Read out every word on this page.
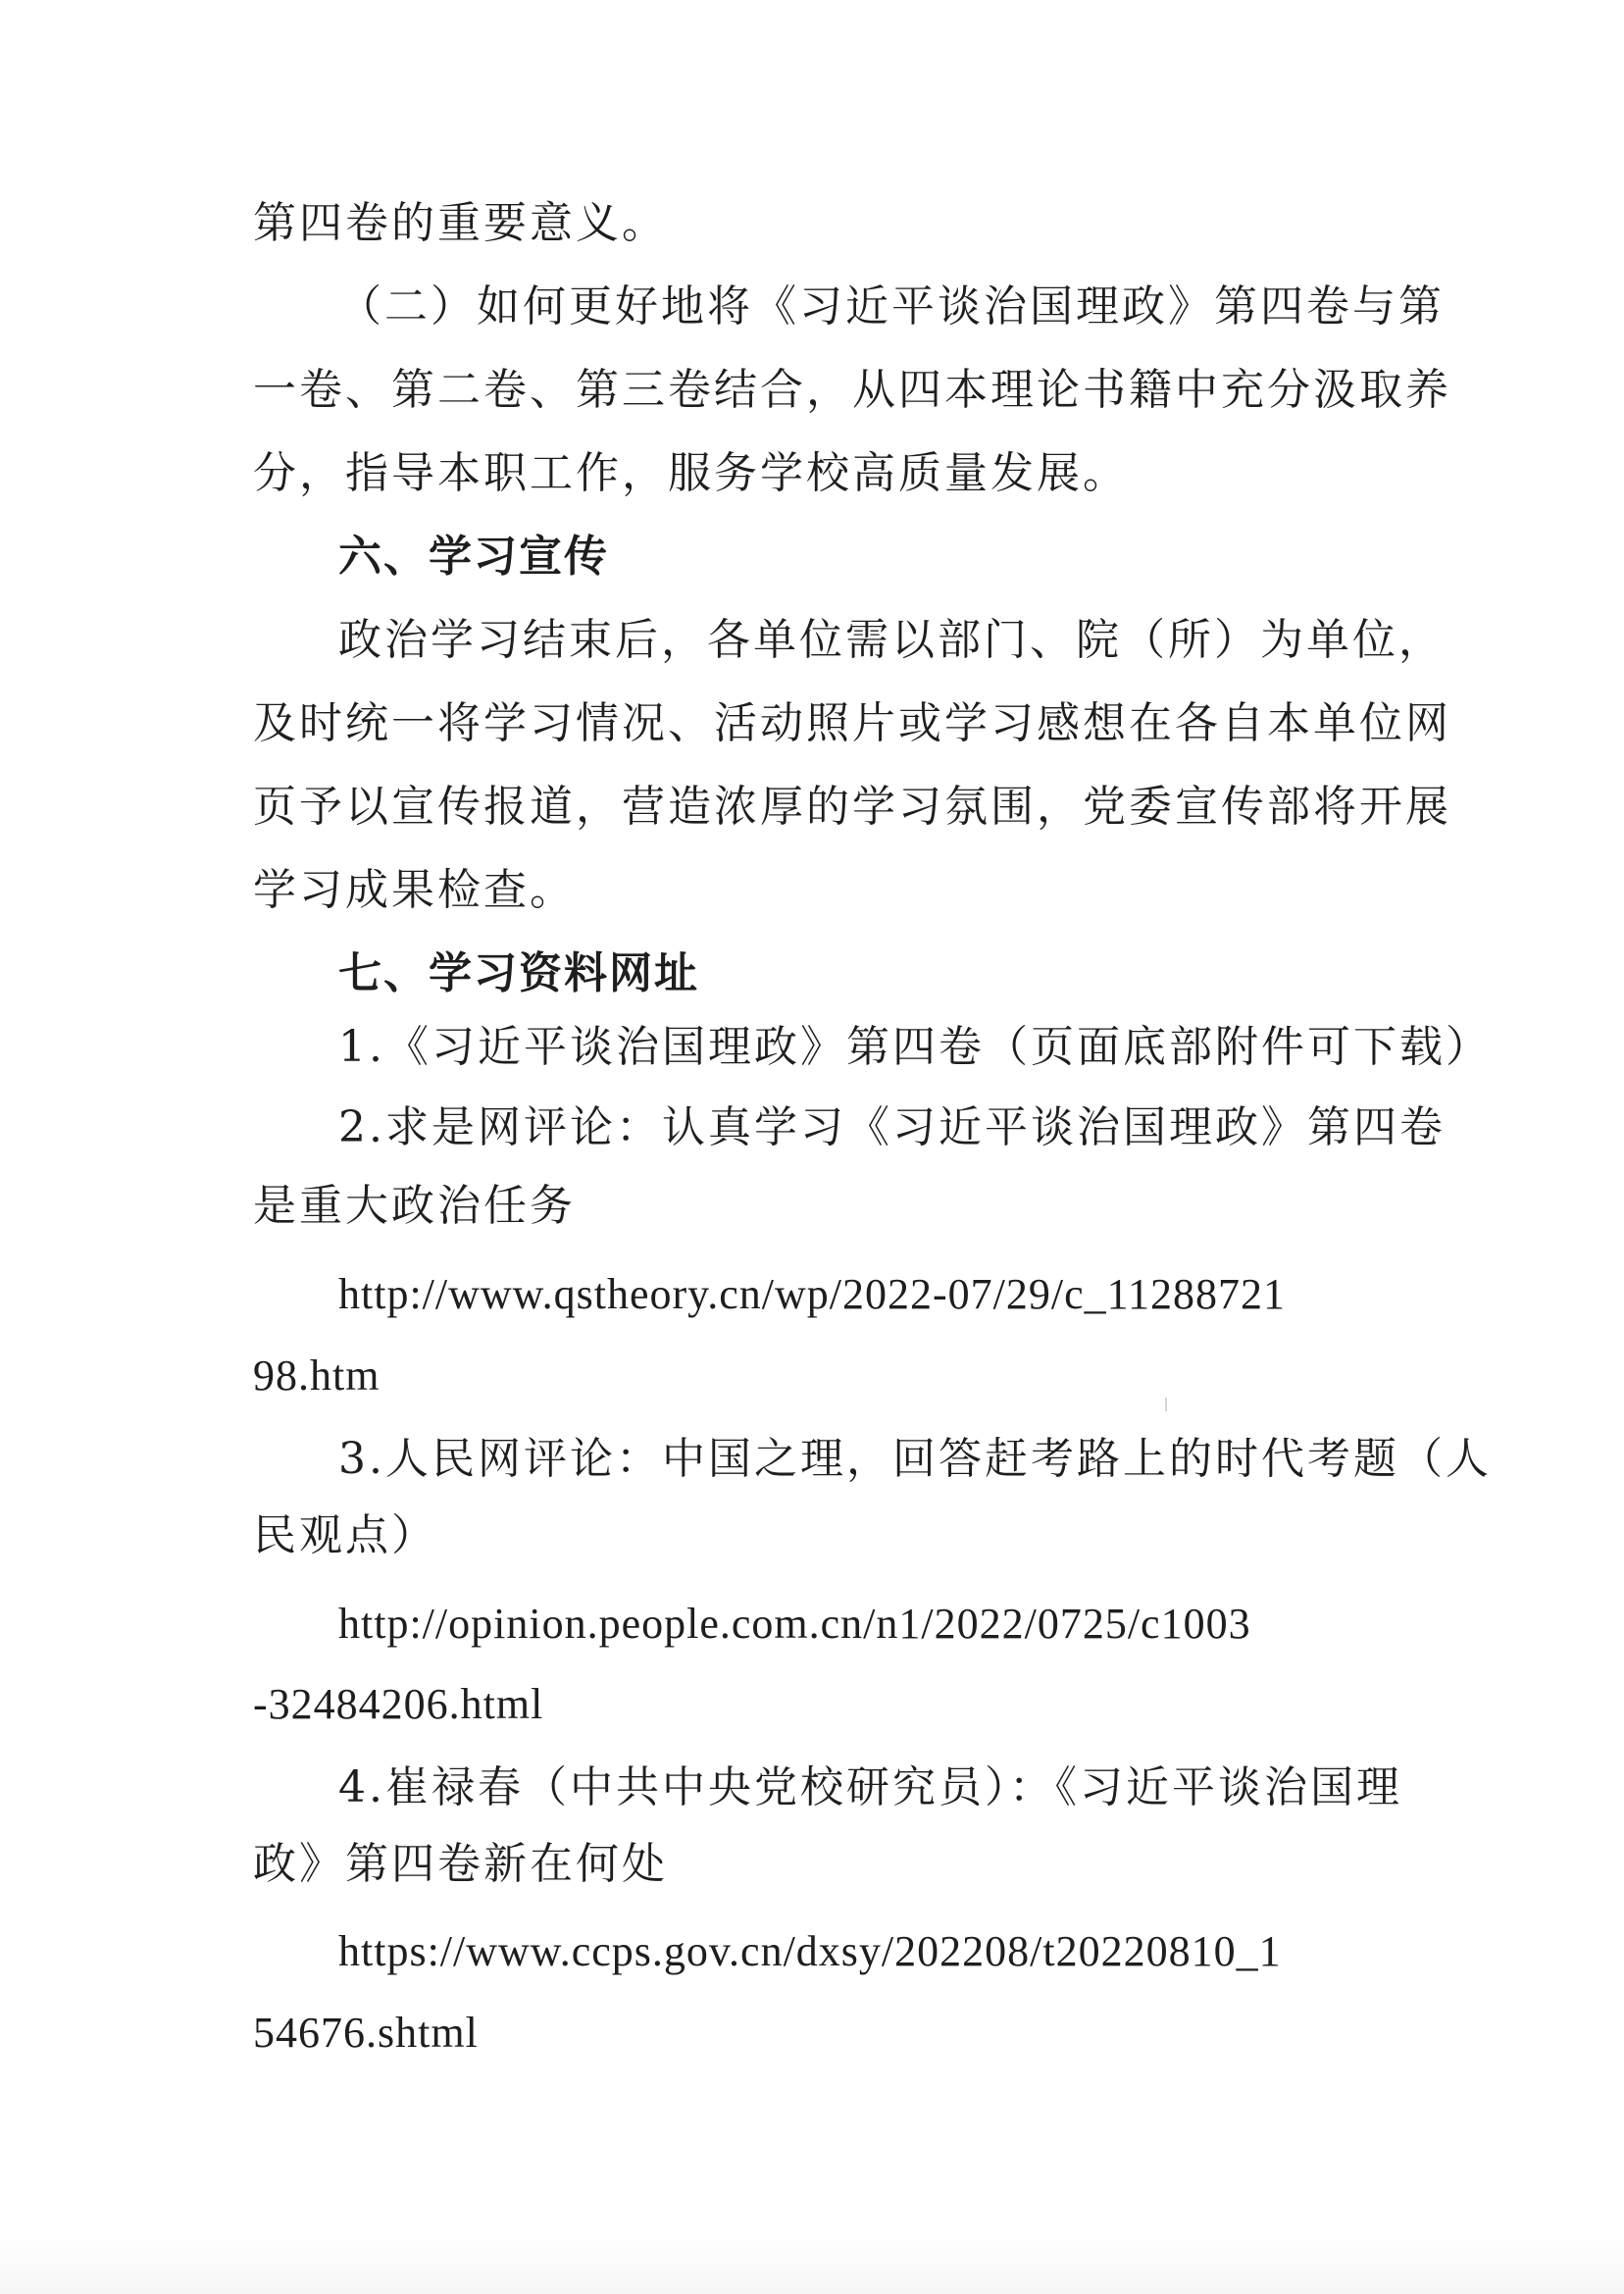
第四卷的重要意义。
（二）如何更好地将《习近平谈治国理政》第四卷与第
一卷、第二卷、第三卷结合，从四本理论书籍中充分汲取养
分，指导本职工作，服务学校高质量发展。
六、学习宣传
政治学习结束后，各单位需以部门、院（所）为单位，
及时统一将学习情况、活动照片或学习感想在各自本单位网
页予以宣传报道，营造浓厚的学习氛围，党委宣传部将开展
学习成果检查。
七、学习资料网址
1.《习近平谈治国理政》第四卷（页面底部附件可下载）
2.求是网评论：认真学习《习近平谈治国理政》第四卷
是重大政治任务
http://www.qstheory.cn/wp/2022-07/29/c_11288721
98.htm
3.人民网评论：中国之理，回答赶考路上的时代考题（人
民观点）
http://opinion.people.com.cn/n1/2022/0725/c1003
-32484206.html
4.崔禄春（中共中央党校研究员）：《习近平谈治国理
政》第四卷新在何处
https://www.ccps.gov.cn/dxsy/202208/t20220810_1
54676.shtml
